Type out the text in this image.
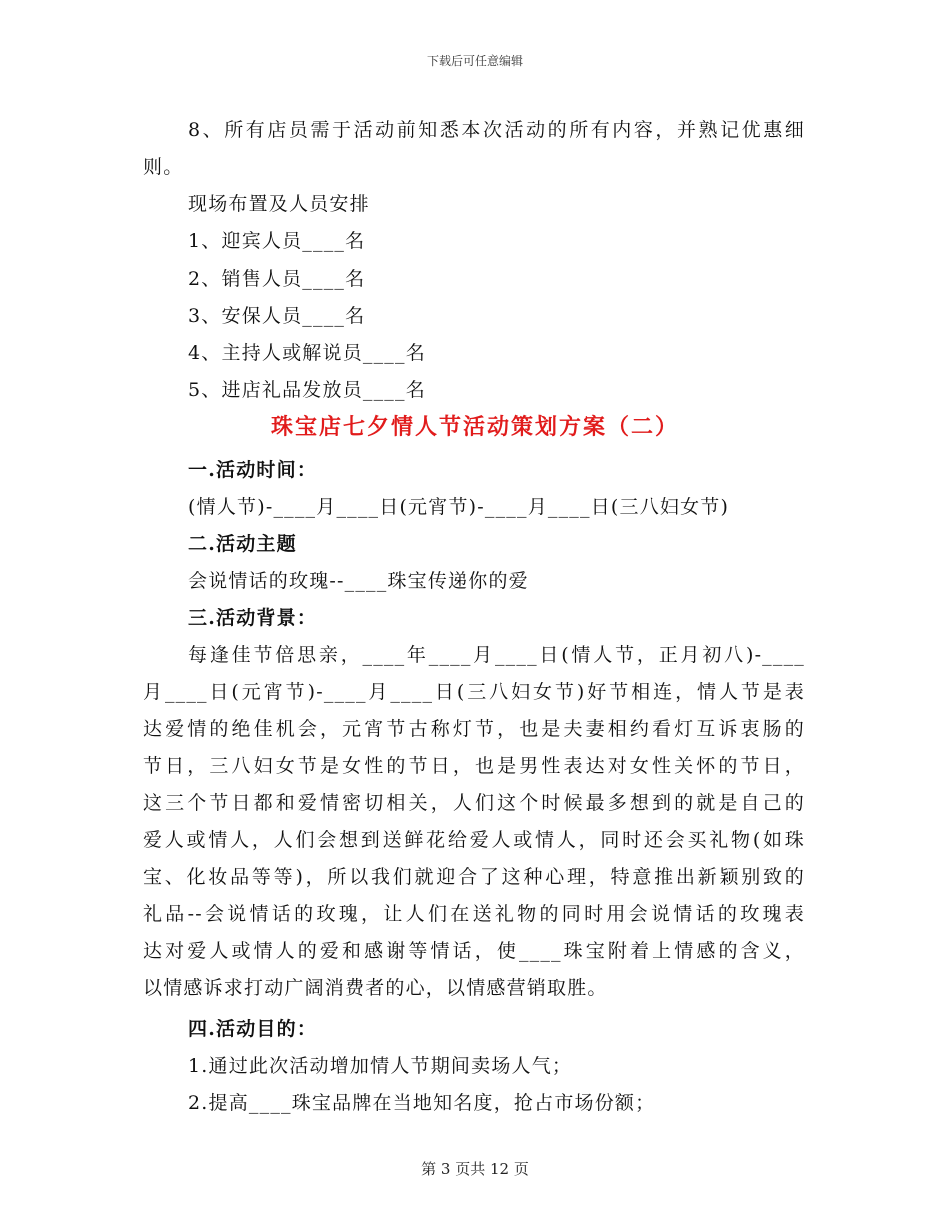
下载后可任意编辑
8、所有店员需于活动前知悉本次活动的所有内容，并熟记优惠细
则。
现场布置及人员安排
1、迎宾人员____名
2、销售人员____名
3、安保人员____名
4、主持人或解说员____名
5、进店礼品发放员____名
珠宝店七夕情人节活动策划方案（二）
一.活动时间：
(情人节)-____月____日(元宵节)-____月____日(三八妇女节)
二.活动主题
会说情话的玫瑰--____珠宝传递你的爱
三.活动背景：
每逢佳节倍思亲，____年____月____日(情人节，正月初八)-____
月____日(元宵节)-____月____日(三八妇女节)好节相连，情人节是表
达爱情的绝佳机会，元宵节古称灯节，也是夫妻相约看灯互诉衷肠的
节日，三八妇女节是女性的节日，也是男性表达对女性关怀的节日，
这三个节日都和爱情密切相关，人们这个时候最多想到的就是自己的
爱人或情人，人们会想到送鲜花给爱人或情人，同时还会买礼物(如珠
宝、化妆品等等)，所以我们就迎合了这种心理，特意推出新颖别致的
礼品--会说情话的玫瑰，让人们在送礼物的同时用会说情话的玫瑰表
达对爱人或情人的爱和感谢等情话，使____珠宝附着上情感的含义，
以情感诉求打动广阔消费者的心，以情感营销取胜。
四.活动目的：
1.通过此次活动增加情人节期间卖场人气；
2.提高____珠宝品牌在当地知名度，抢占市场份额；
第 3 页共 12 页
